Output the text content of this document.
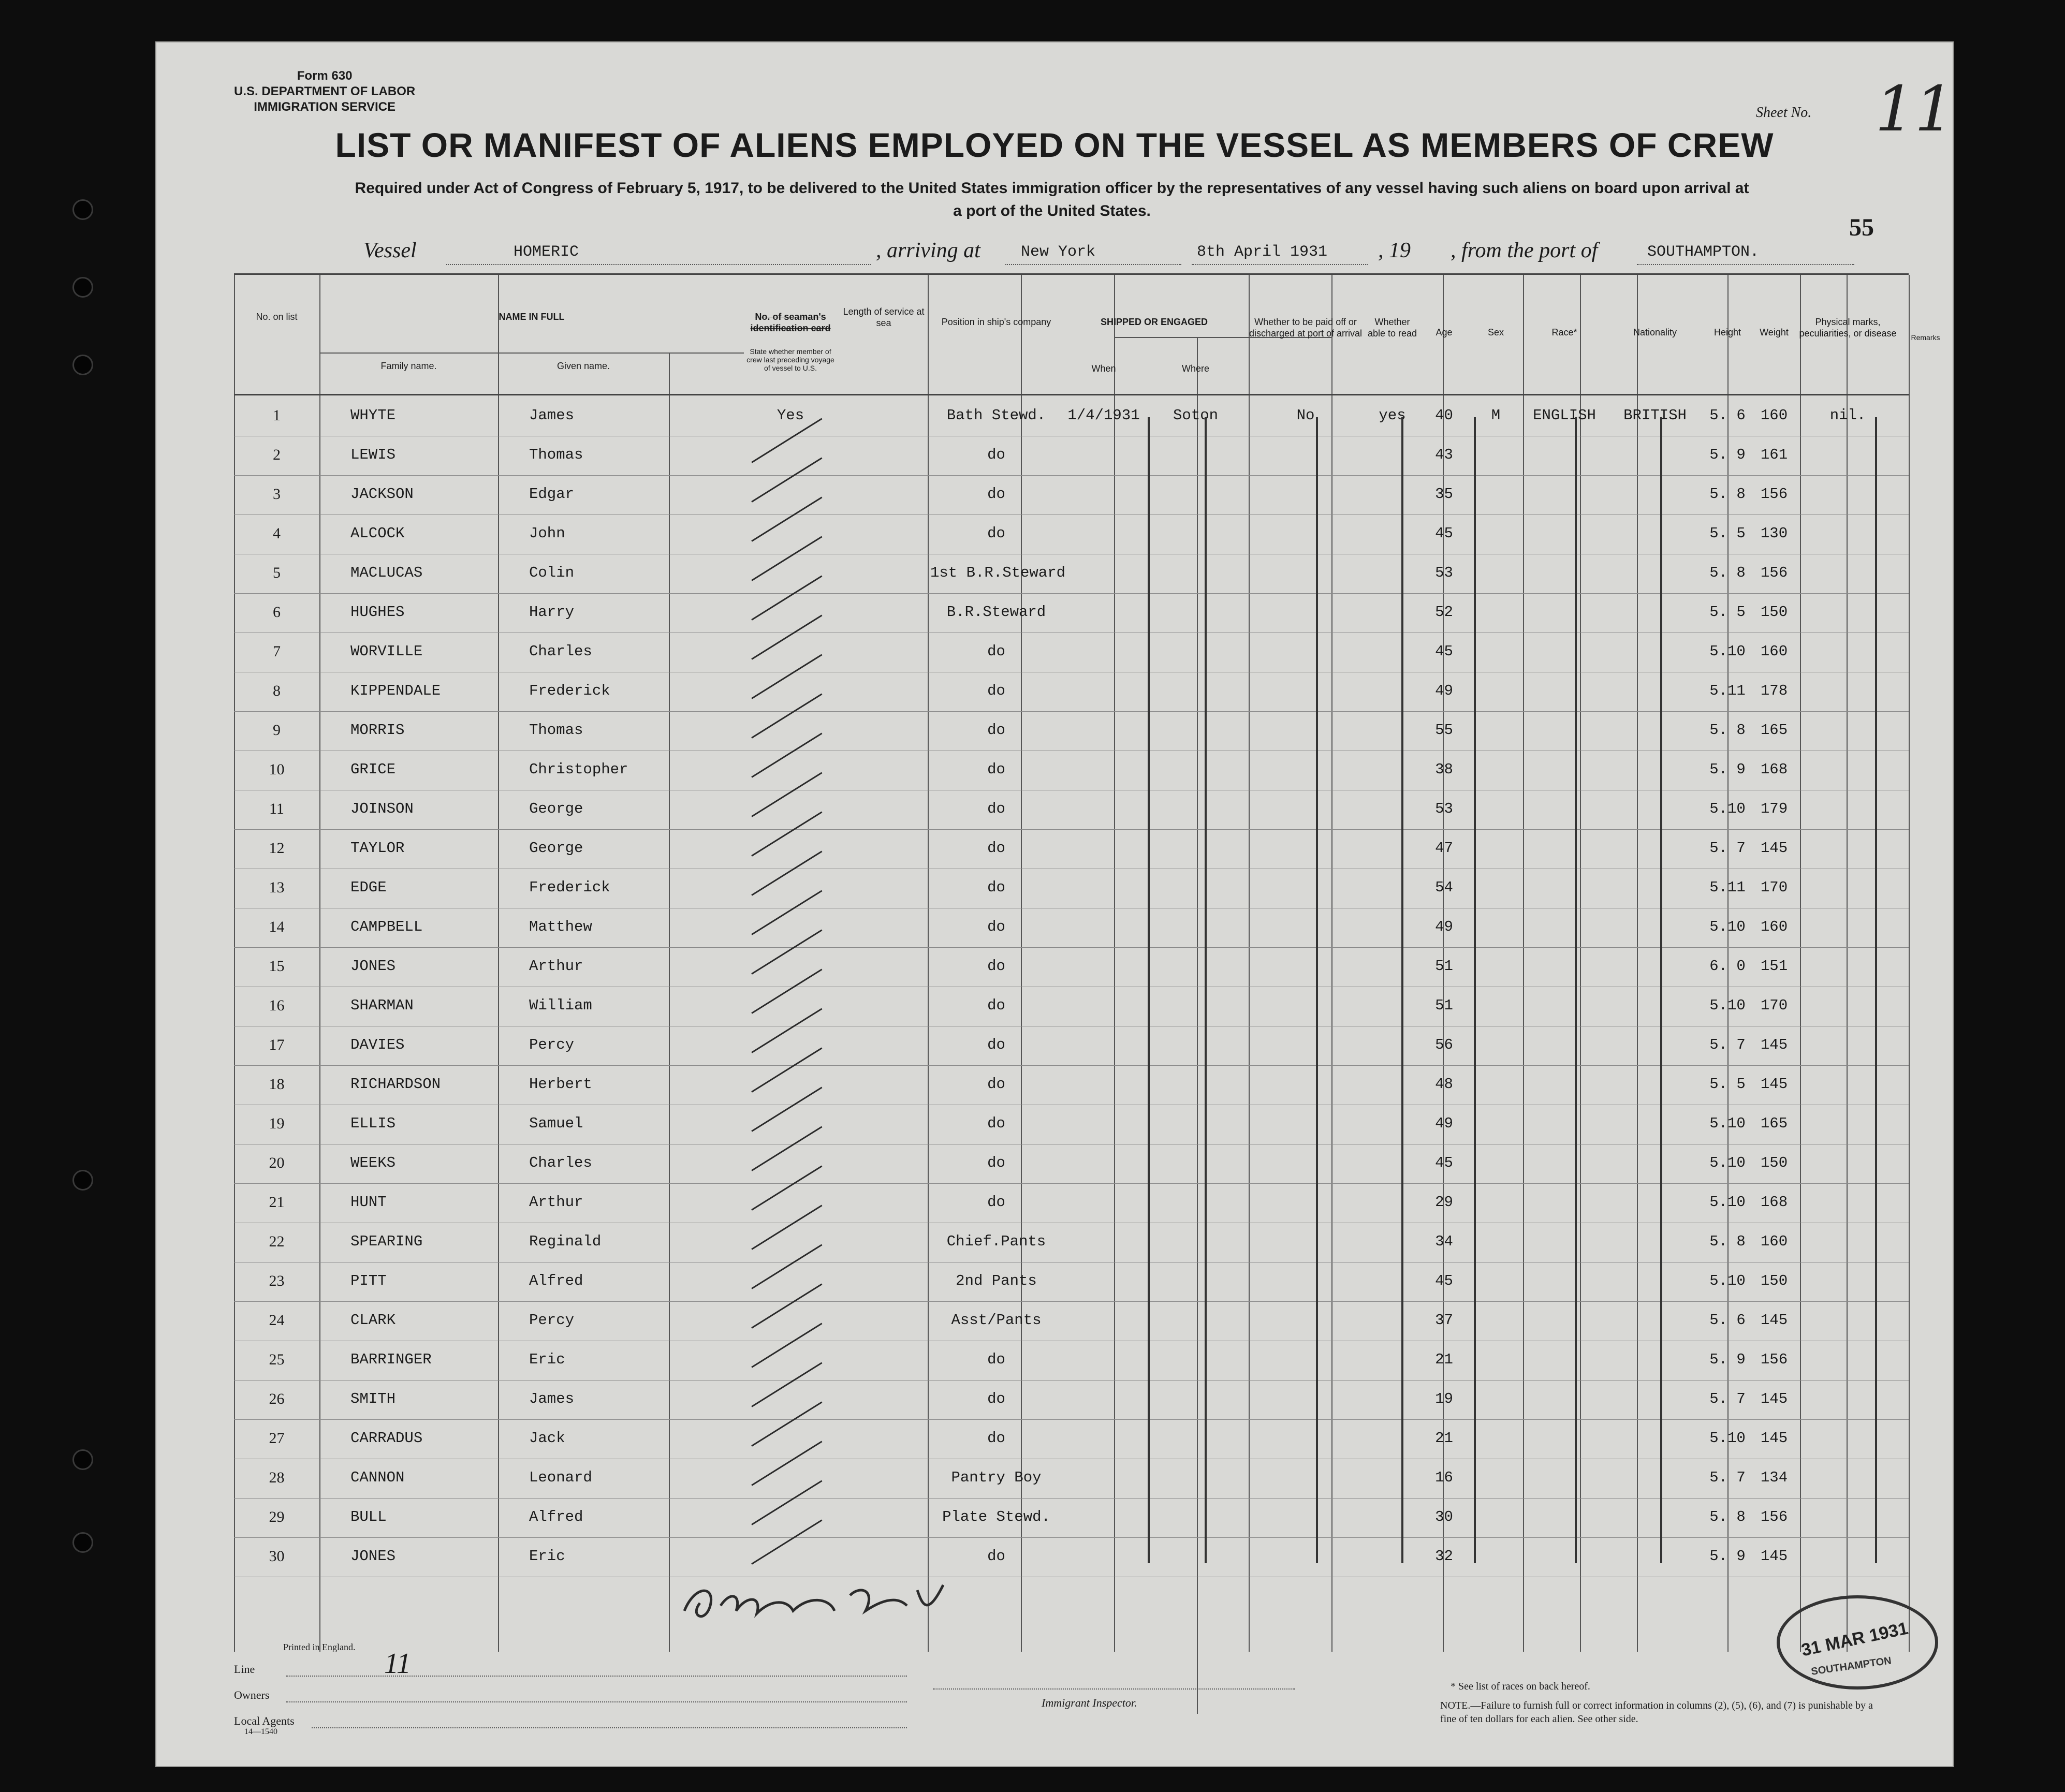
Form 630
U.S. DEPARTMENT OF LABOR
IMMIGRATION SERVICE	Sheet No. 11
LIST OR MANIFEST OF ALIENS EMPLOYED ON THE VESSEL AS MEMBERS OF CREW
Required under Act of Congress of February 5, 1917, to be delivered to the United States immigration officer by the representatives of any vessel having such aliens on board upon arrival at a port of the United States.
55
Vessel	HOMERIC	, arriving at	New York	8th April 1931 , 19 , from the port of	SOUTHAMPTON.
No. on list	NAME IN FULL
Family name.	Given name.
No. of seaman's identification card
State whether member of crew last preceding voyage of vessel to U.S.
Length of service at sea	Position in ship's company	SHIPPED OR ENGAGED
When	Where
Whether to be paid off or discharged at port of arrival
Whether able to read	Age	Sex	Race*	Nationality	Height	Weight
Physical marks, peculiarities, or disease	Remarks
1	WHYTE	James	Yes	Bath Stewd.	1/4/1931	Soton	No	yes	40	M	ENGLISH	BRITISH	5. 6	160	nil.
2	LEWIS	Thomas	do	43	5. 9	161
3	JACKSON	Edgar	do	35	5. 8	156
4	ALCOCK	John	do	45	5. 5	130
5	MACLUCAS	Colin	1st B.R.Steward	53	5. 8	156
6	HUGHES	Harry	B.R.Steward	52	5. 5	150
7	WORVILLE	Charles	do	45	5.10	160
8	KIPPENDALE	Frederick	do	49	5.11	178
9	MORRIS	Thomas	do	55	5. 8	165
10	GRICE	Christopher	do	38	5. 9	168
11	JOINSON	George	do	53	5.10	179
12	TAYLOR	George	do	47	5. 7	145
13	EDGE	Frederick	do	54	5.11	170
14	CAMPBELL	Matthew	do	49	5.10	160
15	JONES	Arthur	do	51	6. 0	151
16	SHARMAN	William	do	51	5.10	170
17	DAVIES	Percy	do	56	5. 7	145
18	RICHARDSON	Herbert	do	48	5. 5	145
19	ELLIS	Samuel	do	49	5.10	165
20	WEEKS	Charles	do	45	5.10	150
21	HUNT	Arthur	do	29	5.10	168
22	SPEARING	Reginald	Chief.Pants	34	5. 8	160
23	PITT	Alfred	2nd Pants	45	5.10	150
24	CLARK	Percy	Asst/Pants	37	5. 6	145
25	BARRINGER	Eric	do	21	5. 9	156
26	SMITH	James	do	19	5. 7	145
27	CARRADUS	Jack	do	21	5.10	145
28	CANNON	Leonard	Pantry Boy	16	5. 7	134
29	BULL	Alfred	Plate Stewd.	30	5. 8	156
30	JONES	Eric	do	32	5. 9	145
Printed in England.
Line	11
Owners
Local Agents
14—1540
Immigrant Inspector.
* See list of races on back hereof.
NOTE.—Failure to furnish full or correct information in columns (2), (5), (6), and (7) is punishable by a fine of ten dollars for each alien. See other side.
31 MAR 1931
SOUTHAMPTON
